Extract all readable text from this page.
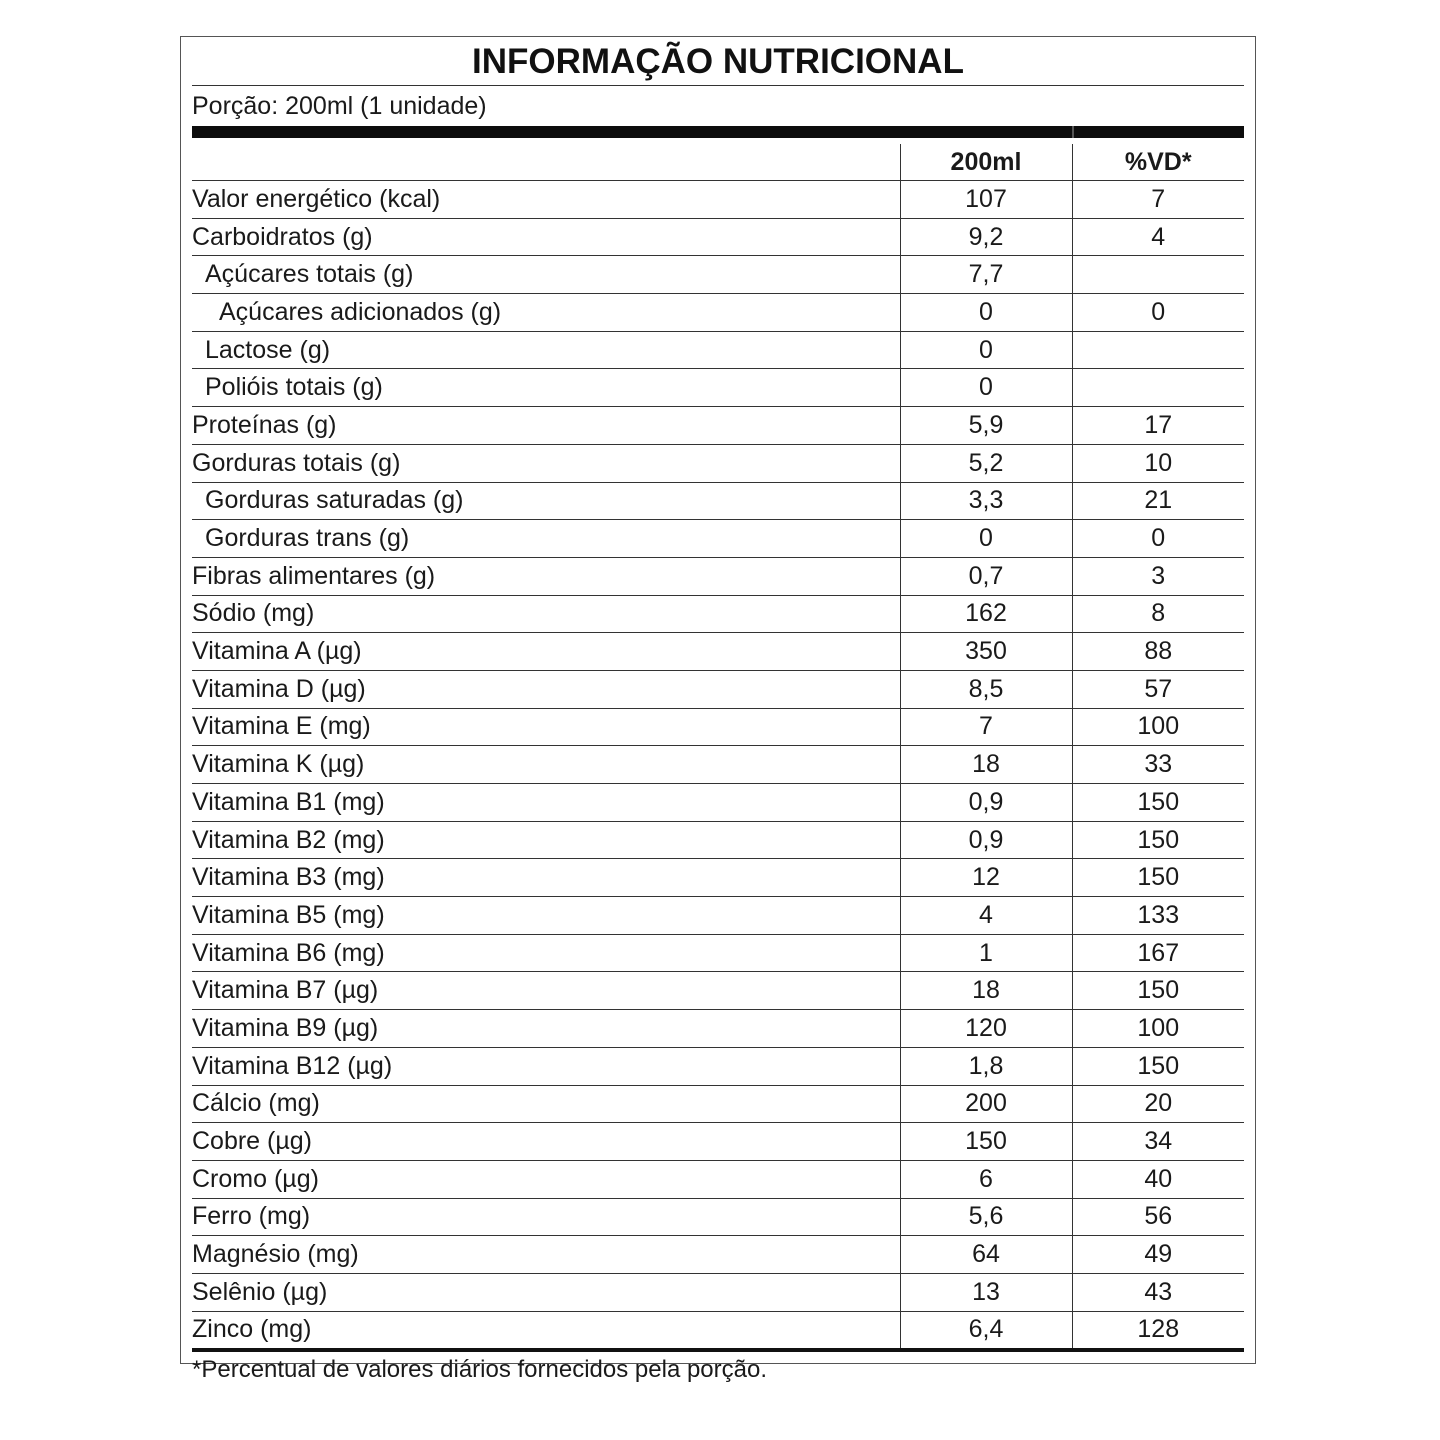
INFORMAÇÃO NUTRICIONAL
Porção: 200ml (1 unidade)
	200ml	%VD*
Valor energético (kcal)	107	7
Carboidratos (g)	9,2	4
Açúcares totais (g)	7,7	
Açúcares adicionados (g)	0	0
Lactose (g)	0	
Polióis totais (g)	0	
Proteínas (g)	5,9	17
Gorduras totais (g)	5,2	10
Gorduras saturadas (g)	3,3	21
Gorduras trans (g)	0	0
Fibras alimentares (g)	0,7	3
Sódio (mg)	162	8
Vitamina A (µg)	350	88
Vitamina D (µg)	8,5	57
Vitamina E (mg)	7	100
Vitamina K (µg)	18	33
Vitamina B1 (mg)	0,9	150
Vitamina B2 (mg)	0,9	150
Vitamina B3 (mg)	12	150
Vitamina B5 (mg)	4	133
Vitamina B6 (mg)	1	167
Vitamina B7 (µg)	18	150
Vitamina B9 (µg)	120	100
Vitamina B12 (µg)	1,8	150
Cálcio (mg)	200	20
Cobre (µg)	150	34
Cromo (µg)	6	40
Ferro (mg)	5,6	56
Magnésio (mg)	64	49
Selênio (µg)	13	43
Zinco (mg)	6,4	128
*Percentual de valores diários fornecidos pela porção.
